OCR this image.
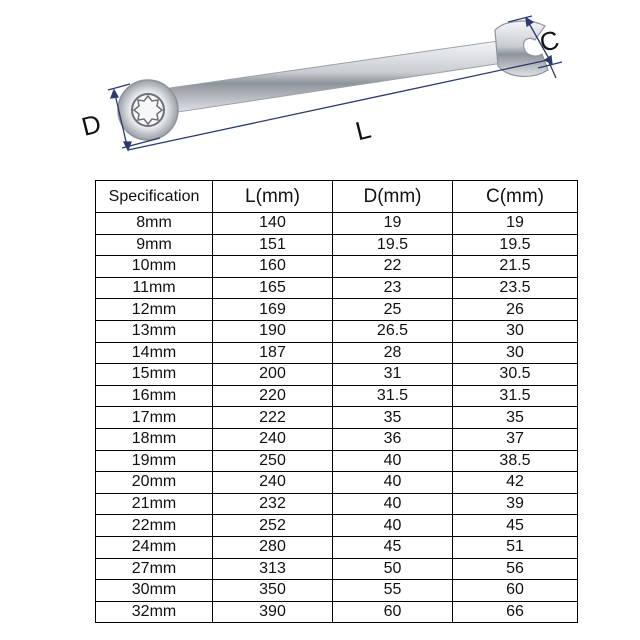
D	L
C
Specification	L(mm)	D(mm)	C(mm)
8mm	140	19	19
9mm	151	19.5	19.5
10mm	160	22	21.5
11mm	165	23	23.5
12mm	169	25	26
13mm	190	26.5	30
14mm	187	28	30
15mm	200	31	30.5
16mm	220	31.5	31.5
17mm	222	35	35
18mm	240	36	37
19mm	250	40	38.5
20mm	240	40	42
21mm	232	40	39
22mm	252	40	45
24mm	280	45	51
27mm	313	50	56
30mm	350	55	60
32mm	390	60	66
